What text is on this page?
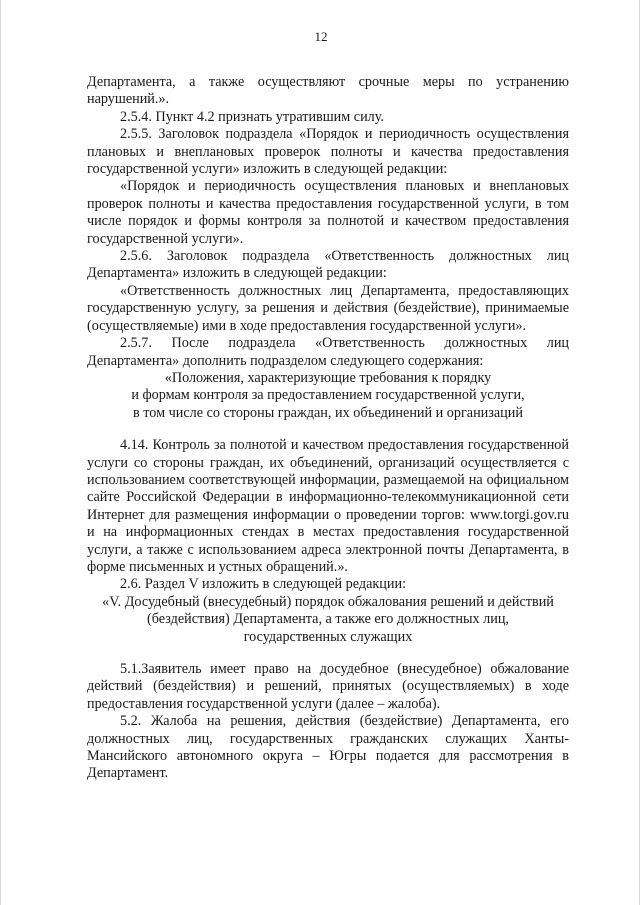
12

Департамента, а также осуществляют срочные меры по устранению нарушений.».

2.5.4. Пункт 4.2 признать утратившим силу.

2.5.5. Заголовок подраздела «Порядок и периодичность осуществления плановых и внеплановых проверок полноты и качества предоставления государственной услуги» изложить в следующей редакции:

«Порядок и периодичность осуществления плановых и внеплановых проверок полноты и качества предоставления государственной услуги, в том числе порядок и формы контроля за полнотой и качеством предоставления государственной услуги».

2.5.6. Заголовок подраздела «Ответственность должностных лиц Департамента» изложить в следующей редакции:

«Ответственность должностных лиц Департамента, предоставляющих государственную услугу, за решения и действия (бездействие), принимаемые (осуществляемые) ими в ходе предоставления государственной услуги».

2.5.7. После подраздела «Ответственность должностных лиц Департамента» дополнить подразделом следующего содержания:

«Положения, характеризующие требования к порядку

и формам контроля за предоставлением государственной услуги,

в том числе со стороны граждан, их объединений и организаций

4.14. Контроль за полнотой и качеством предоставления государственной услуги со стороны граждан, их объединений, организаций осуществляется с использованием соответствующей информации, размещаемой на официальном сайте Российской Федерации в информационно-телекоммуникационной сети Интернет для размещения информации о проведении торгов: www.torgi.gov.ru и на информационных стендах в местах предоставления государственной услуги, а также с использованием адреса электронной почты Департамента, в форме письменных и устных обращений.».

2.6. Раздел V изложить в следующей редакции:

«V. Досудебный (внесудебный) порядок обжалования решений и действий

(бездействия) Департамента, а также его должностных лиц,

государственных служащих

5.1.Заявитель имеет право на досудебное (внесудебное) обжалование действий (бездействия) и решений, принятых (осуществляемых) в ходе предоставления государственной услуги (далее – жалоба).

5.2. Жалоба на решения, действия (бездействие) Департамента, его должностных лиц, государственных гражданских служащих Ханты-Мансийского автономного округа – Югры подается для рассмотрения в Департамент.
